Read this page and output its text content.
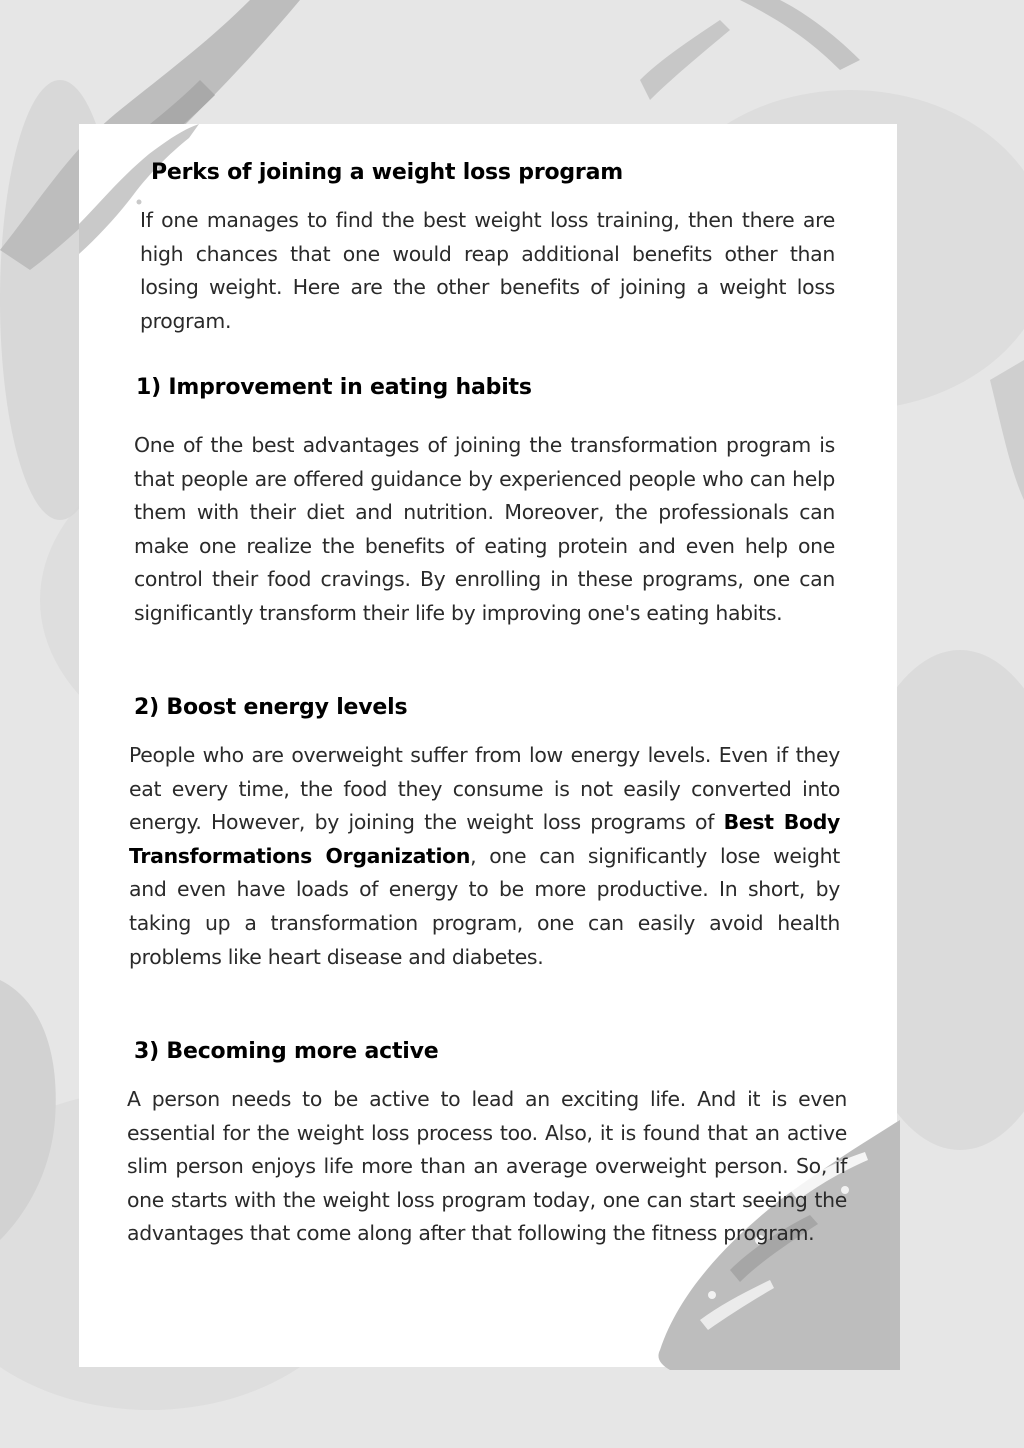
Perks of joining a weight loss program

If one manages to find the best weight loss training, then there are high chances that one would reap additional benefits other than losing weight. Here are the other benefits of joining a weight loss program.

1) Improvement in eating habits

One of the best advantages of joining the transformation program is that people are offered guidance by experienced people who can help them with their diet and nutrition. Moreover, the professionals can make one realize the benefits of eating protein and even help one control their food cravings. By enrolling in these programs, one can significantly transform their life by improving one's eating habits.

2) Boost energy levels

People who are overweight suffer from low energy levels. Even if they eat every time, the food they consume is not easily converted into energy. However, by joining the weight loss programs of Best Body Transformations Organization, one can significantly lose weight and even have loads of energy to be more productive. In short, by taking up a transformation program, one can easily avoid health problems like heart disease and diabetes.

3) Becoming more active

A person needs to be active to lead an exciting life. And it is even essential for the weight loss process too. Also, it is found that an active slim person enjoys life more than an average overweight person. So, if one starts with the weight loss program today, one can start seeing the advantages that come along after that following the fitness program.
